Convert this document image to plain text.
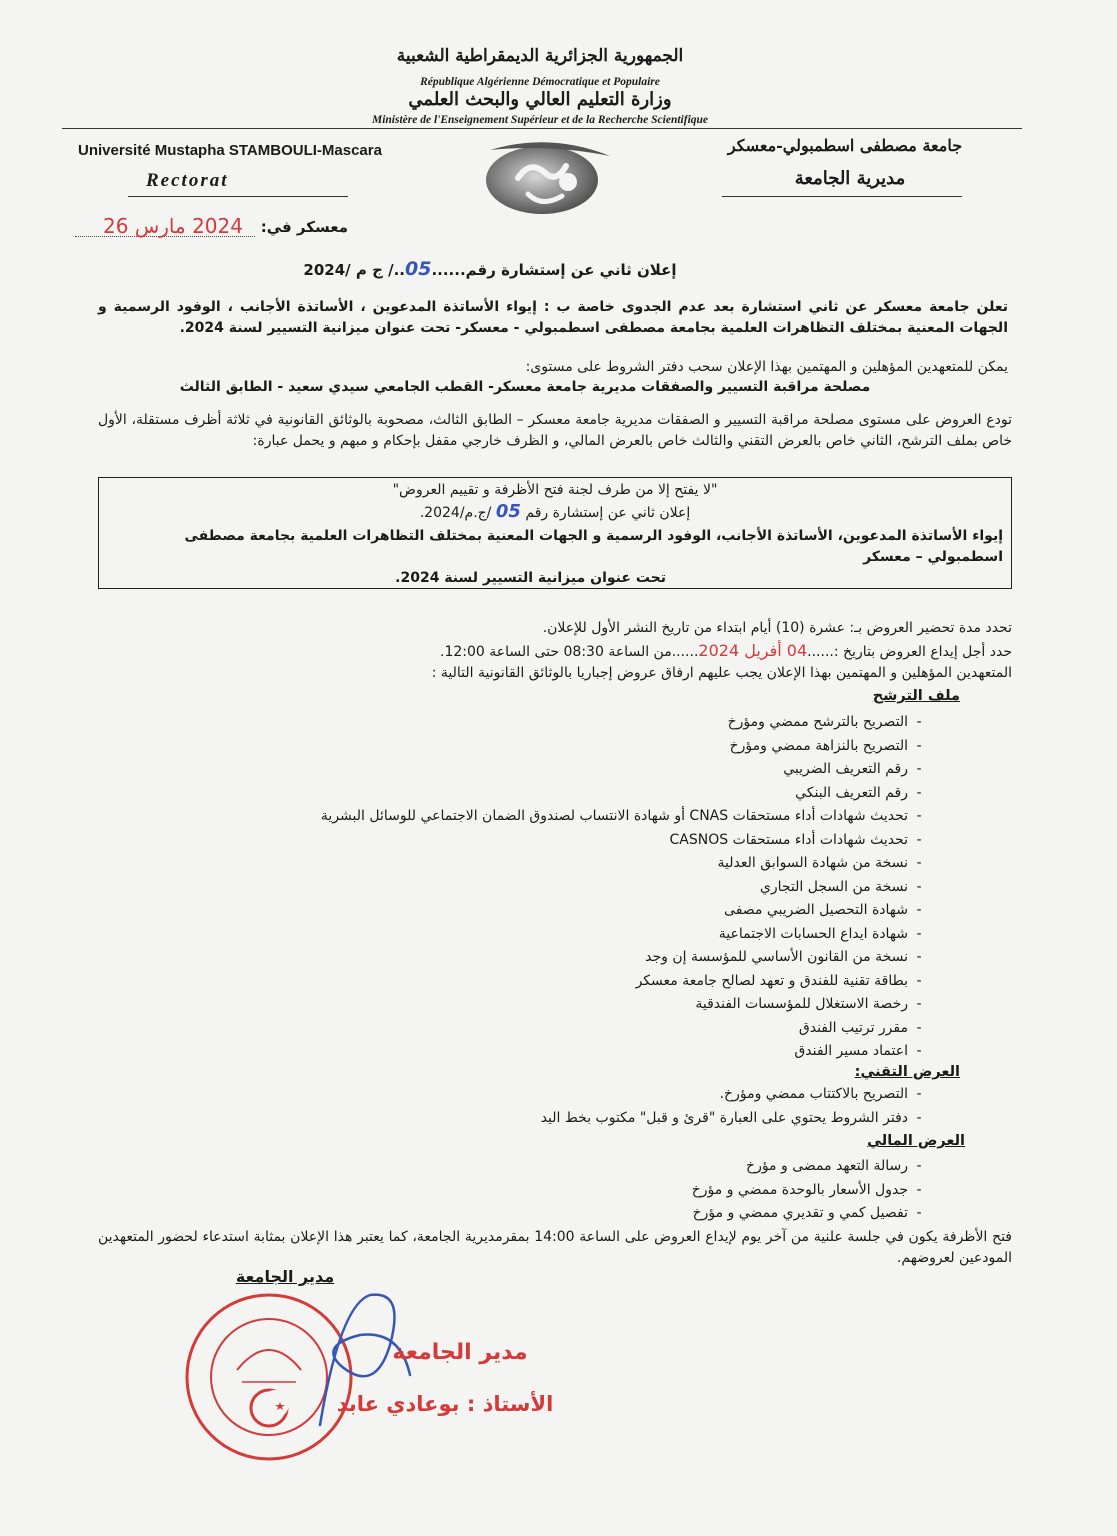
الجمهورية الجزائرية الديمقراطية الشعبية
République Algérienne Démocratique et Populaire
وزارة التعليم العالي والبحث العلمي
Ministère de l'Enseignement Supérieur et de la Recherche Scientifique
Université Mustapha STAMBOULI-Mascara
Rectorat
جامعة مصطفى اسطمبولي-معسكر
مديرية الجامعة
معسكر في:
2024 مارس 26
إعلان ثاني عن إستشارة رقم......05../ ج م /2024
تعلن جامعة معسكر عن ثاني استشارة بعد عدم الجدوى خاصة ب : إيواء الأساتذة المدعوين ، الأساتذة الأجانب ، الوفود الرسمية و الجهات المعنية بمختلف التظاهرات العلمية بجامعة مصطفى اسطمبولي - معسكر- تحت عنوان ميزانية التسيير لسنة 2024.
يمكن للمتعهدين المؤهلين و المهتمين بهذا الإعلان سحب دفتر الشروط على مستوى:
مصلحة مراقبة التسيير والصفقات مديرية جامعة معسكر- القطب الجامعي سيدي سعيد - الطابق الثالث
تودع العروض على مستوى مصلحة مراقبة التسيير و الصفقات مديرية جامعة معسكر – الطابق الثالث، مصحوبة بالوثائق القانونية في ثلاثة أظرف مستقلة، الأول خاص بملف الترشح، الثاني خاص بالعرض التقني والثالث خاص بالعرض المالي، و الظرف خارجي مقفل بإحكام و مبهم و يحمل عبارة:
"لا يفتح إلا من طرف لجنة فتح الأظرفة و تقييم العروض"
إعلان ثاني عن إستشارة رقم 05 /ج.م/2024.
إيواء الأساتذة المدعوين، الأساتذة الأجانب، الوفود الرسمية و الجهات المعنية بمختلف التظاهرات العلمية بجامعة مصطفى اسطمبولي – معسكر
تحت عنوان ميزانية التسيير لسنة 2024.
تحدد مدة تحضير العروض بـ: عشرة (10) أيام ابتداء من تاريخ النشر الأول للإعلان.
حدد أجل إيداع العروض بتاريخ :......04 أفريل 2024......من الساعة 08:30 حتى الساعة 12:00.
المتعهدين المؤهلين و المهتمين بهذا الإعلان يجب عليهم ارفاق عروض إجباريا بالوثائق القانونية التالية :
ملف الترشح
-
التصريح بالترشح ممضي ومؤرخ
-
التصريح بالنزاهة ممضي ومؤرخ
-
رقم التعريف الضريبي
-
رقم التعريف البنكي
-
تحديث شهادات أداء مستحقات CNAS أو شهادة الانتساب لصندوق الضمان الاجتماعي للوسائل البشرية
-
تحديث شهادات أداء مستحقات CASNOS
-
نسخة من شهادة السوابق العدلية
-
نسخة من السجل التجاري
-
شهادة التحصيل الضريبي مصفى
-
شهادة ايداع الحسابات الاجتماعية
-
نسخة من القانون الأساسي للمؤسسة إن وجد
-
بطاقة تقنية للفندق و تعهد لصالح جامعة معسكر
-
رخصة الاستغلال للمؤسسات الفندقية
-
مقرر ترتيب الفندق
-
اعتماد مسير الفندق
العرض التقني:
-
التصريح بالاكتتاب ممضي ومؤرخ.
-
دفتر الشروط يحتوي على العبارة "قرئ و قبل" مكتوب بخط اليد
العرض المالي
-
رسالة التعهد ممضى و مؤرخ
-
جدول الأسعار بالوحدة ممضي و مؤرخ
-
تفصيل كمي و تقديري ممضي و مؤرخ
فتح الأظرفة يكون في جلسة علنية من آخر يوم لإيداع العروض على الساعة 14:00 بمقرمديرية الجامعة، كما يعتبر هذا الإعلان بمثابة استدعاء لحضور المتعهدين المودعين لعروضهم.
مدير الجامعة
مدير الجامعة
الأستاذ : بوعادي عابد
